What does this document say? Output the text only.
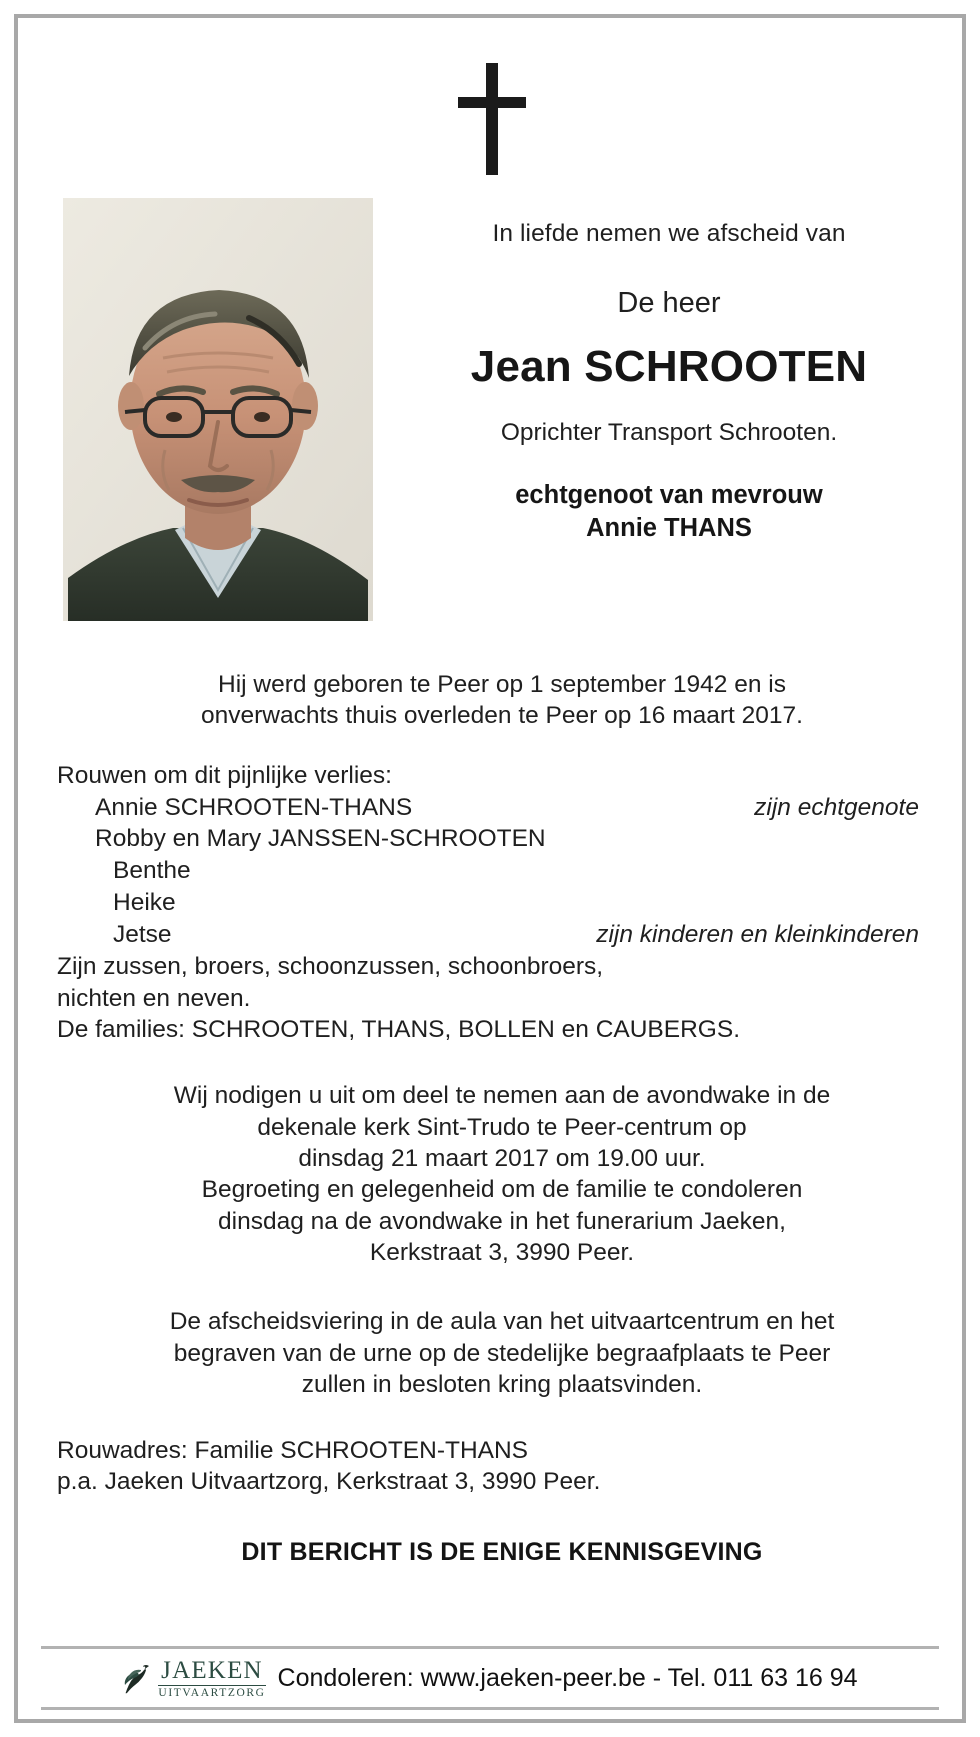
In liefde nemen we afscheid van
De heer
Jean SCHROOTEN
Oprichter Transport Schrooten.
echtgenoot van mevrouw
Annie THANS
Hij werd geboren te Peer op 1 september 1942 en is
onverwachts thuis overleden te Peer op 16 maart 2017.
Rouwen om dit pijnlijke verlies:
Annie SCHROOTEN-THANS	zijn echtgenote
Robby en Mary JANSSEN-SCHROOTEN
Benthe
Heike
Jetse	zijn kinderen en kleinkinderen
Zijn zussen, broers, schoonzussen, schoonbroers,
nichten en neven.
De families: SCHROOTEN, THANS, BOLLEN en CAUBERGS.
Wij nodigen u uit om deel te nemen aan de avondwake in de
dekenale kerk Sint-Trudo te Peer-centrum op
dinsdag 21 maart 2017 om 19.00 uur.
Begroeting en gelegenheid om de familie te condoleren
dinsdag na de avondwake in het funerarium Jaeken,
Kerkstraat 3, 3990 Peer.
De afscheidsviering in de aula van het uitvaartcentrum en het
begraven van de urne op de stedelijke begraafplaats te Peer
zullen in besloten kring plaatsvinden.
Rouwadres: Familie SCHROOTEN-THANS
p.a. Jaeken Uitvaartzorg, Kerkstraat 3, 3990 Peer.
DIT BERICHT IS DE ENIGE KENNISGEVING
JAEKEN
UITVAARTZORG
Condoleren: www.jaeken-peer.be - Tel. 011 63 16 94
